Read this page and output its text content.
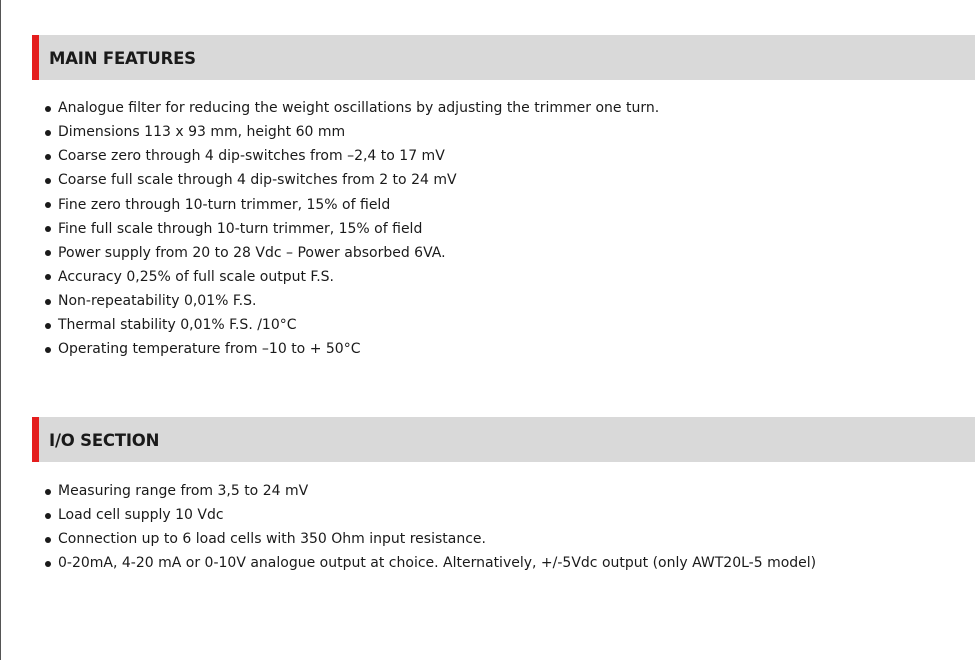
MAIN FEATURES
Analogue filter for reducing the weight oscillations by adjusting the trimmer one turn.
Dimensions 113 x 93 mm, height 60 mm
Coarse zero through 4 dip-switches from –2,4 to 17 mV
Coarse full scale through 4 dip-switches from 2 to 24 mV
Fine zero through 10-turn trimmer, 15% of field
Fine full scale through 10-turn trimmer, 15% of field
Power supply from 20 to 28 Vdc – Power absorbed 6VA.
Accuracy 0,25% of full scale output F.S.
Non-repeatability 0,01% F.S.
Thermal stability 0,01% F.S. /10°C
Operating temperature from –10 to + 50°C
I/O SECTION
Measuring range from 3,5 to 24 mV
Load cell supply 10 Vdc
Connection up to 6 load cells with 350 Ohm input resistance.
0-20mA, 4-20 mA or 0-10V analogue output at choice. Alternatively, +/-5Vdc output (only AWT20L-5 model)
